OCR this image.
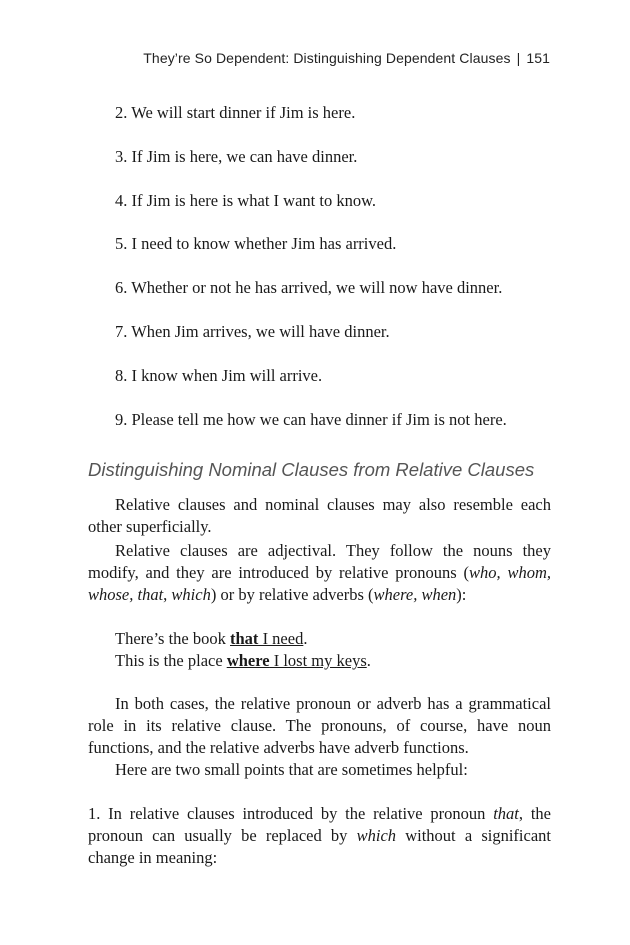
They’re So Dependent: Distinguishing Dependent Clauses | 151
2. We will start dinner if Jim is here.
3. If Jim is here, we can have dinner.
4. If Jim is here is what I want to know.
5. I need to know whether Jim has arrived.
6. Whether or not he has arrived, we will now have dinner.
7. When Jim arrives, we will have dinner.
8. I know when Jim will arrive.
9. Please tell me how we can have dinner if Jim is not here.
Distinguishing Nominal Clauses from Relative Clauses

Relative clauses and nominal clauses may also resemble each other superficially.

Relative clauses are adjectival. They follow the nouns they modify, and they are introduced by relative pronouns (who, whom, whose, that, which) or by relative adverbs (where, when):

There’s the book that I need.
This is the place where I lost my keys.

In both cases, the relative pronoun or adverb has a grammatical role in its relative clause. The pronouns, of course, have noun functions, and the relative adverbs have adverb functions.

Here are two small points that are sometimes helpful:

1. In relative clauses introduced by the relative pronoun that, the pronoun can usually be replaced by which without a significant change in meaning:
